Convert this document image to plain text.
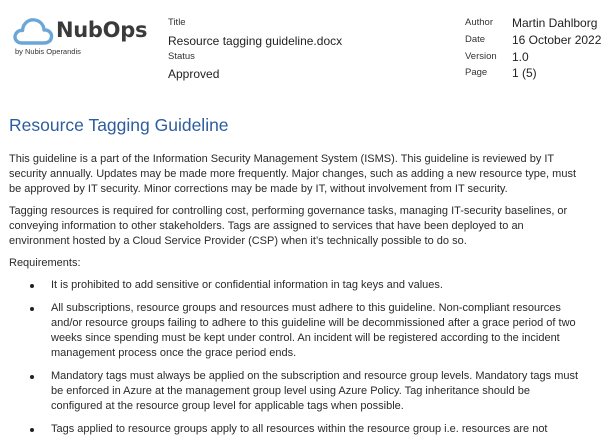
NubOps
by Nubis Operandis
Title
Resource tagging guideline.docx
Status
Approved
Author Martin Dahlborg
Date 16 October 2022
Version 1.0
Page 1 (5)
Resource Tagging Guideline

This guideline is a part of the Information Security Management System (ISMS). This guideline is reviewed by IT security annually. Updates may be made more frequently. Major changes, such as adding a new resource type, must be approved by IT security. Minor corrections may be made by IT, without involvement from IT security.

Tagging resources is required for controlling cost, performing governance tasks, managing IT-security baselines, or conveying information to other stakeholders. Tags are assigned to services that have been deployed to an environment hosted by a Cloud Service Provider (CSP) when it’s technically possible to do so.

Requirements:

It is prohibited to add sensitive or confidential information in tag keys and values.
All subscriptions, resource groups and resources must adhere to this guideline. Non-compliant resources and/or resource groups failing to adhere to this guideline will be decommissioned after a grace period of two weeks since spending must be kept under control. An incident will be registered according to the incident management process once the grace period ends.
Mandatory tags must always be applied on the subscription and resource group levels. Mandatory tags must be enforced in Azure at the management group level using Azure Policy. Tag inheritance should be configured at the resource group level for applicable tags when possible.
Tags applied to resource groups apply to all resources within the resource group i.e. resources are not
